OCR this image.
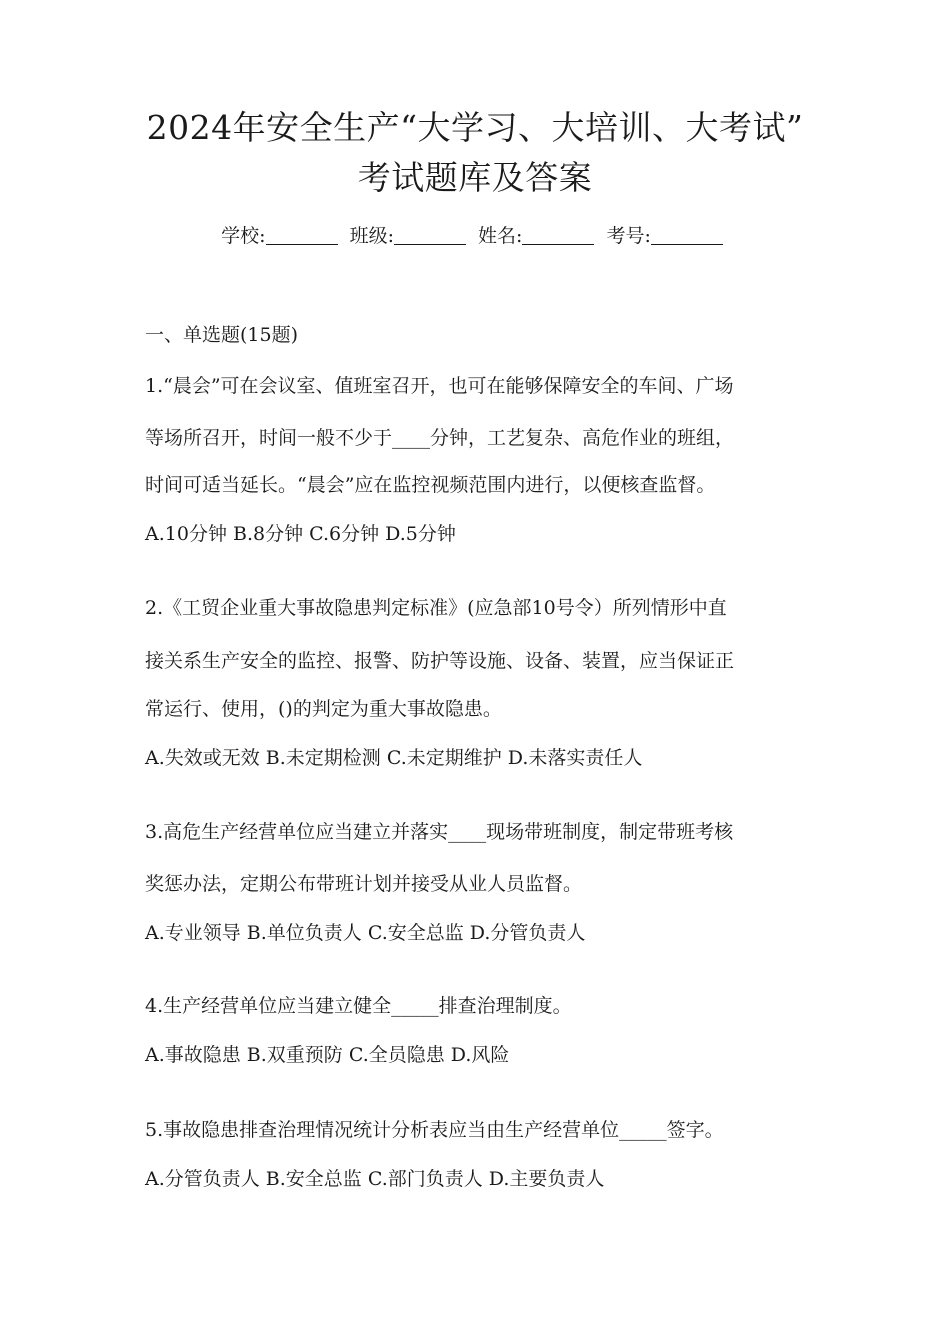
2024年安全生产“大学习、大培训、大考试”
考试题库及答案
学校:	班级:	姓名:	考号:
一、单选题(15题)
1.“晨会”可在会议室、值班室召开，也可在能够保障安全的车间、广场
等场所召开，时间一般不少于____分钟，工艺复杂、高危作业的班组，
时间可适当延长。“晨会”应在监控视频范围内进行，以便核查监督。
A.10分钟 B.8分钟 C.6分钟 D.5分钟
2.《工贸企业重大事故隐患判定标准》(应急部10号令）所列情形中直
接关系生产安全的监控、报警、防护等设施、设备、装置，应当保证正
常运行、使用，()的判定为重大事故隐患。
A.失效或无效 B.未定期检测 C.未定期维护 D.未落实责任人
3.高危生产经营单位应当建立并落实____现场带班制度，制定带班考核
奖惩办法，定期公布带班计划并接受从业人员监督。
A.专业领导 B.单位负责人 C.安全总监 D.分管负责人
4.生产经营单位应当建立健全_____排查治理制度。
A.事故隐患 B.双重预防 C.全员隐患 D.风险
5.事故隐患排查治理情况统计分析表应当由生产经营单位_____签字。
A.分管负责人 B.安全总监 C.部门负责人 D.主要负责人
